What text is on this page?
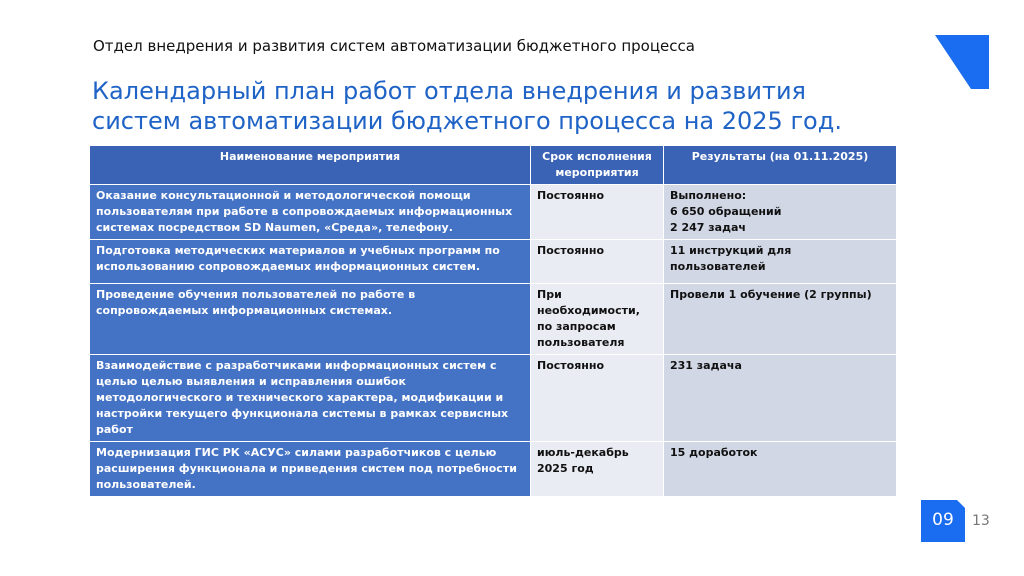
Отдел внедрения и развития систем автоматизации бюджетного процесса
Календарный план работ отдела внедрения и развития
систем автоматизации бюджетного процесса на 2025 год.
Наименование мероприятия	Срок исполнения мероприятия	Результаты (на 01.11.2025)
Оказание консультационной и методологической помощи пользователям при работе в сопровождаемых информационных системах посредством SD Naumen, «Среда», телефону.	Постоянно	Выполнено:
6 650 обращений
2 247 задач

Подготовка методических материалов и учебных программ по использованию сопровождаемых информационных систем.	Постоянно	11 инструкций для пользователей

Проведение обучения пользователей по работе в сопровождаемых информационных системах.	При необходимости, по запросам пользователя	Провели 1 обучение (2 группы)

Взаимодействие с разработчиками информационных систем с целью целью выявления и исправления ошибок методологического и технического характера, модификации и настройки текущего функционала системы в рамках сервисных работ	Постоянно	231 задача

Модернизация ГИС РК «АСУС» силами разработчиков с целью расширения функционала и приведения систем под потребности пользователей.	июль-декабрь 2025 год	15 доработок
09	13
